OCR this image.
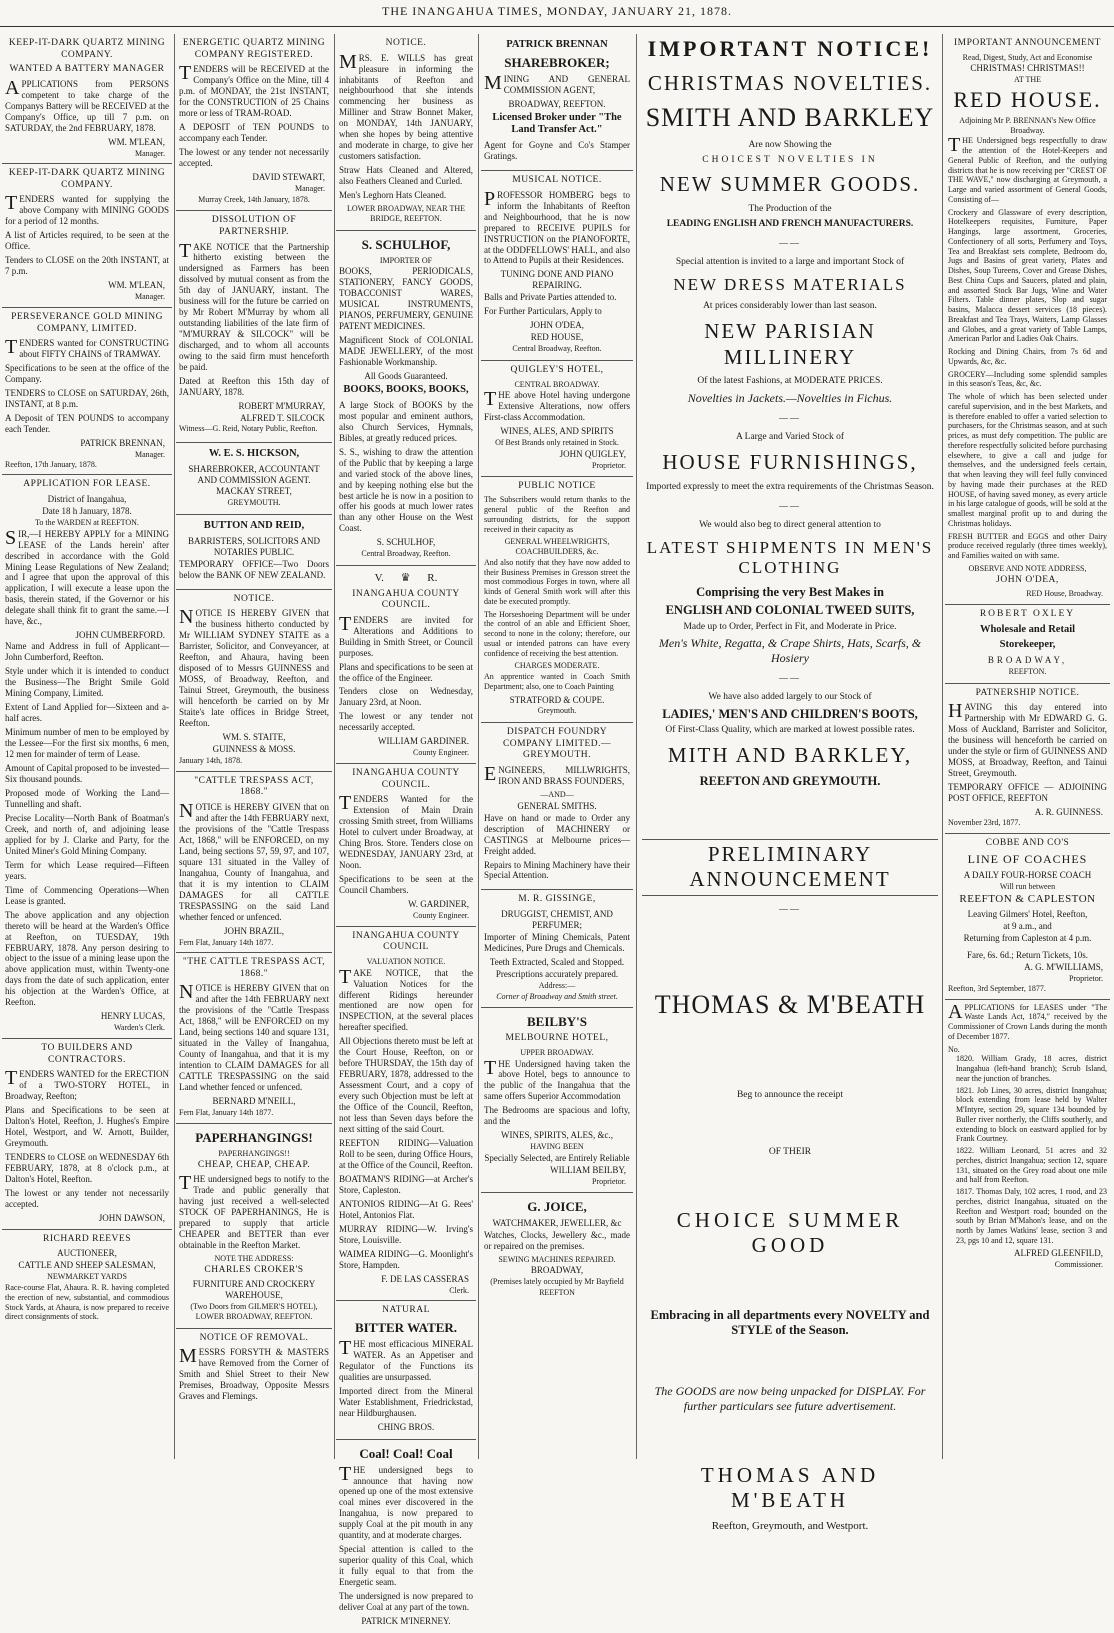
THE INANGAHUA TIMES, MONDAY, JANUARY 21, 1878.
KEEP-IT-DARK QUARTZ MINING COMPANY.
WANTED A BATTERY MANAGER

APPLICATIONS from PERSONS competent to take charge of the Companys Battery will be RECEIVED at the Company's Office, up till 7 p.m. on SATURDAY, the 2nd FEBRUARY, 1878.

WM. M'LEAN,
Manager.
KEEP-IT-DARK QUARTZ MINING COMPANY.

TENDERS wanted for supplying the above Company with MINING GOODS for a period of 12 months.

A list of Articles required, to be seen at the Office.

Tenders to CLOSE on the 20th INSTANT, at 7 p.m.

WM. M'LEAN,
Manager.
PERSEVERANCE GOLD MINING COMPANY, LIMITED.

TENDERS wanted for CONSTRUCTING about FIFTY CHAINS of TRAMWAY.

Specifications to be seen at the office of the Company.

TENDERS to CLOSE on SATURDAY, 26th, INSTANT, at 8 p.m.

A Deposit of TEN POUNDS to accompany each Tender.

PATRICK BRENNAN,
Manager.
Reefton, 17th January, 1878.
APPLICATION FOR LEASE.
District of Inangahua,
Date 18 h January, 1878.
To the WARDEN at REEFTON.

SIR,—I HEREBY APPLY for a MINING LEASE of the Lands herein' after described in accordance with the Gold Mining Lease Regulations of New Zealand; and I agree that upon the approval of this application, I will execute a lease upon the basis, therein stated, if the Governor or his delegate shall think fit to grant the same.—I have, &c.,

JOHN CUMBERFORD.

Name and Address in full of Applicant—John Cumberford, Reefton.

Style under which it is intended to conduct the Business—The Bright Smile Gold Mining Company, Limited.

Extent of Land Applied for—Sixteen and a-half acres.

Minimum number of men to be employed by the Lessee—For the first six months, 6 men, 12 men for mainder of term of Lease.

Amount of Capital proposed to be invested—Six thousand pounds.

Proposed mode of Working the Land—Tunnelling and shaft.

Precise Locality—North Bank of Boatman's Creek, and north of, and adjoining lease applied for by J. Clarke and Party, for the United Miner's Gold Mining Company.

Term for which Lease required—Fifteen years.

Time of Commencing Operations—When Lease is granted.

The above application and any objection thereto will be heard at the Warden's Office at Reefton, on TUESDAY, 19th FEBRUARY, 1878. Any person desiring to object to the issue of a mining lease upon the above application must, within Twenty-one days from the date of such application, enter his objection at the Warden's Office, at Reefton.

HENRY LUCAS,
Warden's Clerk.
TO BUILDERS AND CONTRACTORS.

TENDERS WANTED for the ERECTION of a TWO-STORY HOTEL, in Broadway, Reefton;

Plans and Specifications to be seen at Dalton's Hotel, Reefton, J. Hughes's Empire Hotel, Westport, and W. Arnott, Builder, Greymouth.

TENDERS to CLOSE on WEDNESDAY 6th FEBRUARY, 1878, at 8 o'clock p.m., at Dalton's Hotel, Reefton.

The lowest or any tender not necessarily accepted.

JOHN DAWSON,
RICHARD REEVES
AUCTIONEER,
CATTLE AND SHEEP SALESMAN,
NEWMARKET YARDS

Race-course Flat, Ahaura. R. R. having completed the erection of new, substantial, and commodious Stock Yards, at Ahaura, is now prepared to receive direct consignments of stock.

ENERGETIC QUARTZ MINING COMPANY REGISTERED.

TENDERS will be RECEIVED at the Company's Office on the Mine, till 4 p.m. of MONDAY, the 21st INSTANT, for the CONSTRUCTION of 25 Chains more or less of TRAM-ROAD.

A DEPOSIT of TEN POUNDS to accompany each Tender.

The lowest or any tender not necessarily accepted.

DAVID STEWART,
Manager.
Murray Creek, 14th January, 1878.
DISSOLUTION OF PARTNERSHIP.

TAKE NOTICE that the Partnership hitherto existing between the undersigned as Farmers has been dissolved by mutual consent as from the 5th day of JANUARY, instant. The business will for the future be carried on by Mr Robert M'Murray by whom all outstanding liabilities of the late firm of "M'MURRAY & SILCOCK" will be discharged, and to whom all accounts owing to the said firm must henceforth be paid.

Dated at Reefton this 15th day of JANUARY, 1878.

ROBERT M'MURRAY,
ALFRED T. SILCOCK

Witness—G. Reid, Notary Public, Reefton.

W. E. S. HICKSON,
SHAREBROKER, ACCOUNTANT AND COMMISSION AGENT.
MACKAY STREET,
GREYMOUTH.
BUTTON AND REID,
BARRISTERS, SOLICITORS AND NOTARIES PUBLIC.

TEMPORARY OFFICE—Two Doors below the BANK OF NEW ZEALAND.

NOTICE.

NOTICE IS HEREBY GIVEN that the business hitherto conducted by Mr WILLIAM SYDNEY STAITE as a Barrister, Solicitor, and Conveyancer, at Reefton, and Ahaura, having been disposed of to Messrs GUINNESS and MOSS, of Broadway, Reefton, and Tainui Street, Greymouth, the business will henceforth be carried on by Mr Staite's late offices in Bridge Street, Reefton.

WM. S. STAITE,
GUINNESS & MOSS.
January 14th, 1878.
"CATTLE TRESPASS ACT, 1868."

NOTICE is HEREBY GIVEN that on and after the 14th FEBRUARY next, the provisions of the "Cattle Trespass Act, 1868," will be ENFORCED, on my Land, being sections 57, 59, 97, and 107, square 131 situated in the Valley of Inangahua, County of Inangahua, and that it is my intention to CLAIM DAMAGES for all CATTLE TRESPASSING on the said Land whether fenced or unfenced.

JOHN BRAZIL,
Fern Flat, January 14th 1877.
"THE CATTLE TRESPASS ACT, 1868."

NOTICE is HEREBY GIVEN that on and after the 14th FEBRUARY next the provisions of the "Cattle Trespass Act, 1868," will be ENFORCED on my Land, being sections 140 and square 131, situated in the Valley of Inangahua, County of Inangahua, and that it is my intention to CLAIM DAMAGES for all CATTLE TRESPASSING on the said Land whether fenced or unfenced.

BERNARD M'NEILL,
Fern Flat, January 14th 1877.
PAPERHANGINGS!
PAPERHANGINGS!!
CHEAP, CHEAP, CHEAP.

THE undersigned begs to notify to the Trade and public generally that having just received a well-selected STOCK OF PAPERHANINGS, He is prepared to supply that article CHEAPER and BETTER than ever obtainable in the Reefton Market.

NOTE THE ADDRESS:
CHARLES CROKER'S
FURNITURE AND CROCKERY WAREHOUSE,
(Two Doors from GILMER'S HOTEL), LOWER BROADWAY, REEFTON.
NOTICE OF REMOVAL.

MESSRS FORSYTH & MASTERS have Removed from the Corner of Smith and Shiel Street to their New Premises, Broadway, Opposite Messrs Graves and Flemings.

NOTICE.

MRS. E. WILLS has great pleasure in informing the inhabitants of Reefton and neighbourhood that she intends commencing her business as Milliner and Straw Bonnet Maker, on MONDAY, 14th JANUARY, when she hopes by being attentive and moderate in charge, to give her customers satisfaction.

Straw Hats Cleaned and Altered, also Feathers Cleaned and Curled.

Men's Leghorn Hats Cleaned.

LOWER BROADWAY, NEAR THE BRIDGE, REEFTON.
S. SCHULHOF,
IMPORTER OF

BOOKS, PERIODICALS, STATIONERY, FANCY GOODS, TOBACCONIST WARES, MUSICAL INSTRUMENTS, PIANOS, PERFUMERY, GENUINE PATENT MEDICINES.

Magnificent Stock of COLONIAL MADE JEWELLERY, of the most Fashionable Workmanship.

All Goods Guaranteed.
BOOKS, BOOKS, BOOKS,

A large Stock of BOOKS by the most popular and eminent authors, also Church Services, Hymnals, Bibles, at greatly reduced prices.

S. S., wishing to draw the attention of the Public that by keeping a large and varied stock of the above lines, and by keeping nothing else but the best article he is now in a position to offer his goods at much lower rates than any other House on the West Coast.

S. SCHULHOF,
Central Broadway, Reefton.
V. ♛ R.
INANGAHUA COUNTY COUNCIL.

TENDERS are invited for Alterations and Additions to Building in Smith Street, or Council purposes.

Plans and specifications to be seen at the office of the Engineer.

Tenders close on Wednesday, January 23rd, at Noon.

The lowest or any tender not necessarily accepted.

WILLIAM GARDINER.
County Engineer.
INANGAHUA COUNTY COUNCIL.

TENDERS Wanted for the Extension of Main Drain crossing Smith street, from Williams Hotel to culvert under Broadway, at Ching Bros. Store. Tenders close on WEDNESDAY, JANUARY 23rd, at Noon.

Specifications to be seen at the Council Chambers.

W. GARDINER,
County Engineer.
INANGAHUA COUNTY COUNCIL
VALUATION NOTICE.

TAKE NOTICE, that the Valuation Notices for the different Ridings hereunder mentioned are now open for INSPECTION, at the several places hereafter specified.

All Objections thereto must be left at the Court House, Reefton, on or before THURSDAY, the 15th day of FEBRUARY, 1878, addressed to the Assessment Court, and a copy of every such Objection must be left at the Office of the Council, Reefton, not less than Seven days before the next sitting of the said Court.

REEFTON RIDING—Valuation Roll to be seen, during Office Hours, at the Office of the Council, Reefton.

BOATMAN'S RIDING—at Archer's Store, Capleston.

ANTONIOS RIDING—At G. Rees' Hotel, Antonios Flat.

MURRAY RIDING—W. Irving's Store, Louisville.

WAIMEA RIDING—G. Moonlight's Store, Hampden.

F. DE LAS CASSERAS
Clerk.
NATURAL
BITTER WATER.

THE most efficacious MINERAL WATER. As an Appetiser and Regulator of the Functions its qualities are unsurpassed.

Imported direct from the Mineral Water Establishment, Friedrickstad, near Hildburghausen.

CHING BROS.
Coal! Coal! Coal

THE undersigned begs to announce that having now opened up one of the most extensive coal mines ever discovered in the Inangahua, is now prepared to supply Coal at the pit mouth in any quantity, and at moderate charges.

Special attention is called to the superior quality of this Coal, which it fully equal to that from the Energetic seam.

The undersigned is now prepared to deliver Coal at any part of the town.

PATRICK M'INERNEY.
PATRICK BRENNAN
SHAREBROKER;

MINING AND GENERAL COMMISSION AGENT,

BROADWAY, REEFTON.
Licensed Broker under "The Land Transfer Act."

Agent for Goyne and Co's Stamper Gratings.

MUSICAL NOTICE.

PROFESSOR HOMBERG begs to inform the Inhabitants of Reefton and Neighbourhood, that he is now prepared to RECEIVE PUPILS for INSTRUCTION on the PIANOFORTE, at the ODDFELLOWS' HALL, and also to Attend to Pupils at their Residences.

TUNING DONE AND PIANO REPAIRING.

Balls and Private Parties attended to.

For Further Particulars, Apply to

JOHN O'DEA,
RED HOUSE,
Central Broadway, Reefton.
QUIGLEY'S HOTEL,
CENTRAL BROADWAY.

THE above Hotel having undergone Extensive Alterations, now offers First-class Accommodation.

WINES, ALES, AND SPIRITS
Of Best Brands only retained in Stock.
JOHN QUIGLEY,
Proprietor.
PUBLIC NOTICE

The Subscribers would return thanks to the general public of the Reefton and surrounding districts, for the support received in their capacity as

GENERAL WHEELWRIGHTS, COACHBUILDERS, &c.

And also notify that they have now added to their Business Premises in Gresson street the most commodious Forges in town, where all kinds of General Smith work will after this date be executed promptly.

The Horseshoeing Department will be under the control of an able and Efficient Shoer, second to none in the colony; therefore, our usual or intended patrons can have every confidence of receiving the best attention.

CHARGES MODERATE.

An apprentice wanted in Coach Smith Department; also, one to Coach Painting

STRATFORD & COUPE.
Greymouth.
DISPATCH FOUNDRY COMPANY LIMITED.—GREYMOUTH.

ENGINEERS, MILLWRIGHTS, IRON AND BRASS FOUNDERS,

—AND—
GENERAL SMITHS.

Have on hand or made to Order any description of MACHINERY or CASTINGS at Melbourne prices—Freight added.

Repairs to Mining Machinery have their Special Attention.

M. R. GISSINGE,
DRUGGIST, CHEMIST, AND PERFUMER;

Importer of Mining Chemicals, Patent Medicines, Pure Drugs and Chemicals.

Teeth Extracted, Scaled and Stopped.
Prescriptions accurately prepared.
Address:—
Corner of Broadway and Smith street.
BEILBY'S
MELBOURNE HOTEL,
UPPER BROADWAY.

THE Undersigned having taken the above Hotel, begs to announce to the public of the Inangahua that the same offers Superior Accommodation

The Bedrooms are spacious and lofty, and the

WINES, SPIRITS, ALES, &c.,
HAVING BEEN
Specially Selected, are Entirely Reliable
WILLIAM BEILBY,
Proprietor.
G. JOICE,
WATCHMAKER, JEWELLER, &c

Watches, Clocks, Jewellery &c., made or repaired on the premises.

SEWING MACHINES REPAIRED.
BROADWAY,
(Premises lately occupied by Mr Bayfield
REEFTON
IMPORTANT NOTICE!
CHRISTMAS NOVELTIES.
SMITH AND BARKLEY
Are now Showing the
CHOICEST NOVELTIES IN
NEW SUMMER GOODS.
The Production of the
LEADING ENGLISH AND FRENCH MANUFACTURERS.
——
Special attention is invited to a large and important Stock of
NEW DRESS MATERIALS
At prices considerably lower than last season.
NEW PARISIAN MILLINERY
Of the latest Fashions, at MODERATE PRICES.
Novelties in Jackets.—Novelties in Fichus.
——
A Large and Varied Stock of
HOUSE FURNISHINGS,
Imported expressly to meet the extra requirements of the Christmas Season.
——
We would also beg to direct general attention to
LATEST SHIPMENTS IN MEN'S CLOTHING
Comprising the very Best Makes in
ENGLISH AND COLONIAL TWEED SUITS,
Made up to Order, Perfect in Fit, and Moderate in Price.
Men's White, Regatta, & Crape Shirts, Hats, Scarfs, & Hosiery
——
We have also added largely to our Stock of
LADIES,' MEN'S AND CHILDREN'S BOOTS,
Of First-Class Quality, which are marked at lowest possible rates.
MITH AND BARKLEY,
REEFTON AND GREYMOUTH.
PRELIMINARY ANNOUNCEMENT
——
THOMAS & M'BEATH
Beg to announce the receipt
OF THEIR
CHOICE SUMMER GOOD
Embracing in all departments every NOVELTY and STYLE of the Season.
The GOODS are now being unpacked for DISPLAY. For further particulars see future advertisement.
THOMAS AND M'BEATH
Reefton, Greymouth, and Westport.
IMPORTANT ANNOUNCEMENT
Read, Digest, Study, Act and Economise
CHRISTMAS! CHRISTMAS!!
AT THE
RED HOUSE.
Adjoining Mr P. BRENNAN's New Office Broadway.

THE Undersigned begs respectfully to draw the attention of the Hotel-Keepers and General Public of Reefton, and the outlying districts that he is now receiving per "CREST OF THE WAVE," now discharging at Greymouth, a Large and varied assortment of General Goods, Consisting of—

Crockery and Glassware of every description, Hotelkeepers requisites, Furniture, Paper Hangings, large assortment, Groceries, Confectionery of all sorts, Perfumery and Toys, Tea and Breakfast sets complete, Bedroom do, Jugs and Basins of great variety, Plates and Dishes, Soup Tureens, Cover and Grease Dishes, Best China Cups and Saucers, plated and plain, and assorted Stock Bar Jugs, Wine and Water Filters. Table dinner plates, Slop and sugar basins, Malacca dessert services (18 pieces). Breakfast and Tea Trays, Waiters, Lamp Glasses and Globes, and a great variety of Table Lamps, American Parlor and Ladies Oak Chairs.

Rocking and Dining Chairs, from 7s 6d and Upwards, &c, &c.

GROCERY—Including some splendid samples in this season's Teas, &c, &c.

The whole of which has been selected under careful supervision, and in the best Markets, and is therefore enabled to offer a varied selection to purchasers, for the Christmas season, and at such prices, as must defy competition. The public are therefore respectfully solicited before purchasing elsewhere, to give a call and judge for themselves, and the undersigned feels certain, that when leaving they will feel fully convinced by having made their purchases at the RED HOUSE, of having saved money, as every article in his large catalogue of goods, will be sold at the smallest marginal profit up to and during the Christmas holidays.

FRESH BUTTER and EGGS and other Dairy produce received regularly (three times weekly), and Families waited on with same.

OBSERVE AND NOTE ADDRESS,
JOHN O'DEA,
RED House, Broadway.
ROBERT OXLEY
Wholesale and Retail
Storekeeper,
BROADWAY,
REEFTON.
PATNERSHIP NOTICE.

HAVING this day entered into Partnership with Mr EDWARD G. G. Moss of Auckland, Barrister and Solicitor, the business will henceforth be carried on under the style or firm of GUINNESS AND MOSS, at Broadway, Reefton, and Tainui Street, Greymouth.

TEMPORARY OFFICE — ADJOINING POST OFFICE, REEFTON

A. R. GUINNESS.
November 23rd, 1877.
COBBE AND CO'S
LINE OF COACHES
A DAILY FOUR-HORSE COACH
Will run between
REEFTON & CAPLESTON
Leaving Gilmers' Hotel, Reefton,
at 9 a.m., and
Returning from Capleston at 4 p.m.
Fare, 6s. 6d.; Return Tickets, 10s.
A. G. M'WILLIAMS,
Proprietor.
Reefton, 3rd September, 1877.

APPLICATIONS for LEASES under "The Waste Lands Act, 1874," received by the Commissioner of Crown Lands during the month of December 1877.

No.
1820. William Grady, 18 acres, district Inangahua (left-hand branch); Scrub Island, near the junction of branches.
1821. Job Lines, 30 acres, district Inangahua; block extending from lease held by Walter M'Intyre, section 29, square 134 bounded by Buller river northerly, the Cliffs southerly, and extending to block on eastward applied for by Frank Courtney.
1822. William Leonard, 51 acres and 32 perches, district Inangahua; section 12, square 131, situated on the Grey road about one mile and half from Reefton.
1817. Thomas Daly, 102 acres, 1 rood, and 23 perches, district Inangahua, situated on the Reefton and Westport road; bounded on the south by Brian M'Mahon's lease, and on the north by James Watkins' lease, section 3 and 23, pgs 10 and 12, square 131.
ALFRED GLEENFILD,
Commissioner.
